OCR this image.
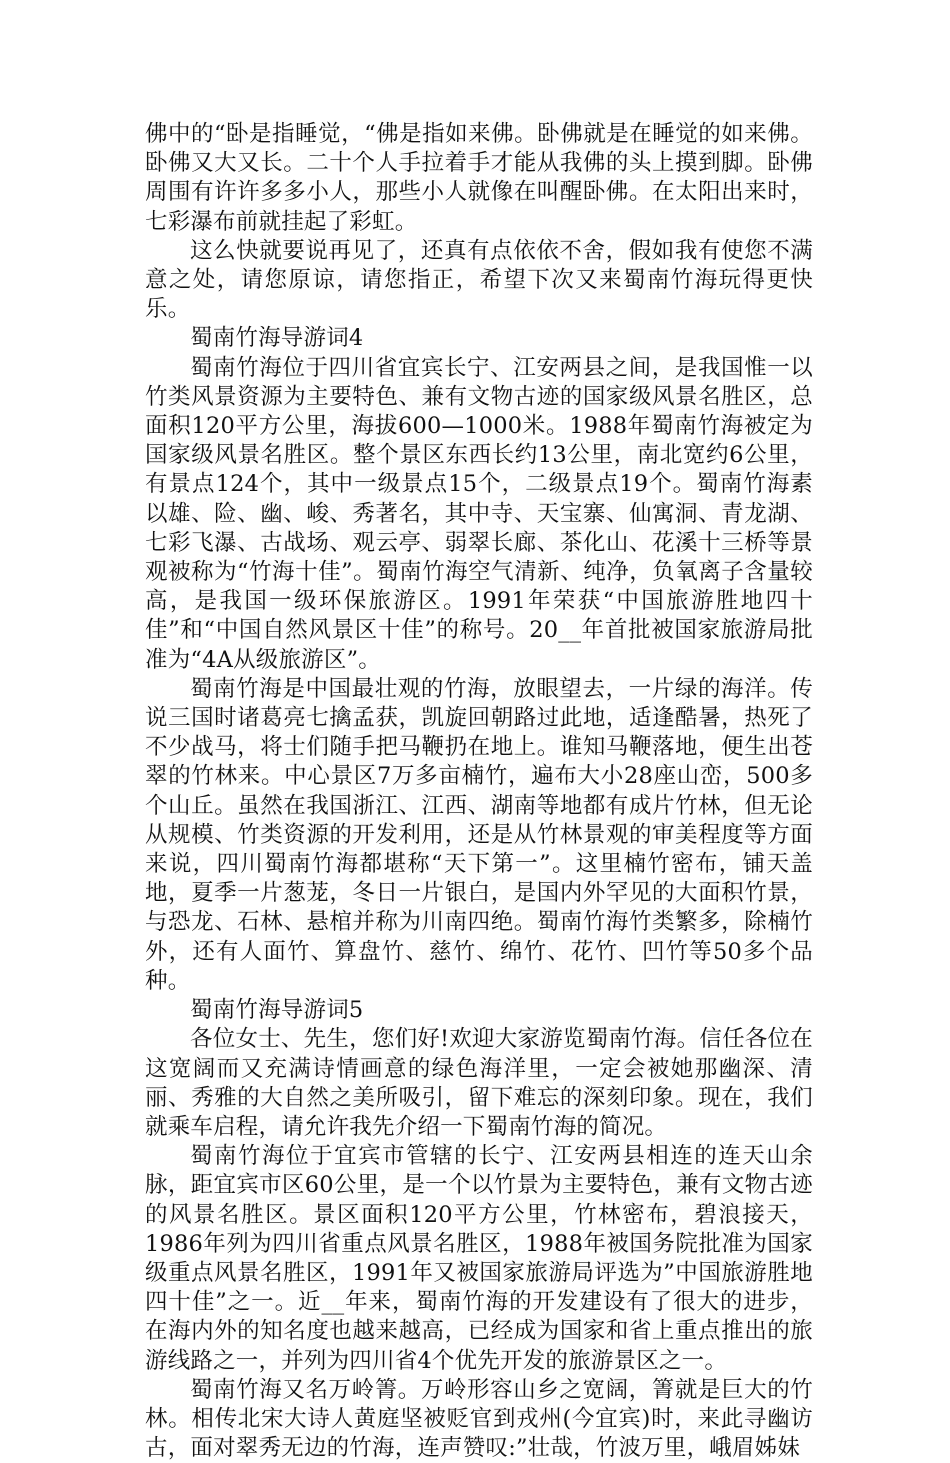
佛中的“卧是指睡觉，“佛是指如来佛。卧佛就是在睡觉的如来佛。卧佛又大又长。二十个人手拉着手才能从我佛的头上摸到脚。卧佛周围有许许多多小人，那些小人就像在叫醒卧佛。在太阳出来时，七彩瀑布前就挂起了彩虹。

这么快就要说再见了，还真有点依依不舍，假如我有使您不满意之处，请您原谅，请您指正，希望下次又来蜀南竹海玩得更快乐。

蜀南竹海导游词4

蜀南竹海位于四川省宜宾长宁、江安两县之间，是我国惟一以竹类风景资源为主要特色、兼有文物古迹的国家级风景名胜区，总面积120平方公里，海拔600—1000米。1988年蜀南竹海被定为国家级风景名胜区。整个景区东西长约13公里，南北宽约6公里，有景点124个，其中一级景点15个，二级景点19个。蜀南竹海素以雄、险、幽、峻、秀著名，其中寺、天宝寨、仙寓洞、青龙湖、七彩飞瀑、古战场、观云亭、弱翠长廊、茶化山、花溪十三桥等景观被称为“竹海十佳”。蜀南竹海空气清新、纯净，负氧离子含量较高，是我国一级环保旅游区。1991年荣获“中国旅游胜地四十佳”和“中国自然风景区十佳”的称号。20__年首批被国家旅游局批准为“4A从级旅游区”。

蜀南竹海是中国最壮观的竹海，放眼望去，一片绿的海洋。传说三国时诸葛亮七擒孟获，凯旋回朝路过此地，适逢酷暑，热死了不少战马，将士们随手把马鞭扔在地上。谁知马鞭落地，便生出苍翠的竹林来。中心景区7万多亩楠竹，遍布大小28座山峦，500多个山丘。虽然在我国浙江、江西、湖南等地都有成片竹林，但无论从规模、竹类资源的开发利用，还是从竹林景观的审美程度等方面来说，四川蜀南竹海都堪称“天下第一”。这里楠竹密布，铺天盖地，夏季一片葱茏，冬日一片银白，是国内外罕见的大面积竹景，与恐龙、石林、悬棺并称为川南四绝。蜀南竹海竹类繁多，除楠竹外，还有人面竹、算盘竹、慈竹、绵竹、花竹、凹竹等50多个品种。

蜀南竹海导游词5

各位女士、先生，您们好!欢迎大家游览蜀南竹海。信任各位在这宽阔而又充满诗情画意的绿色海洋里，一定会被她那幽深、清丽、秀雅的大自然之美所吸引，留下难忘的深刻印象。现在，我们就乘车启程，请允许我先介绍一下蜀南竹海的简况。

蜀南竹海位于宜宾市管辖的长宁、江安两县相连的连天山余脉，距宜宾市区60公里，是一个以竹景为主要特色，兼有文物古迹的风景名胜区。景区面积120平方公里，竹林密布，碧浪接天，1986年列为四川省重点风景名胜区，1988年被国务院批准为国家级重点风景名胜区，1991年又被国家旅游局评选为”中国旅游胜地四十佳”之一。近__年来，蜀南竹海的开发建设有了很大的进步，在海内外的知名度也越来越高，已经成为国家和省上重点推出的旅游线路之一，并列为四川省4个优先开发的旅游景区之一。

蜀南竹海又名万岭箐。万岭形容山乡之宽阔，箐就是巨大的竹林。相传北宋大诗人黄庭坚被贬官到戎州(今宜宾)时，来此寻幽访古，面对翠秀无边的竹海，连声赞叹:”壮哉，竹波万里，峨眉姊妹
